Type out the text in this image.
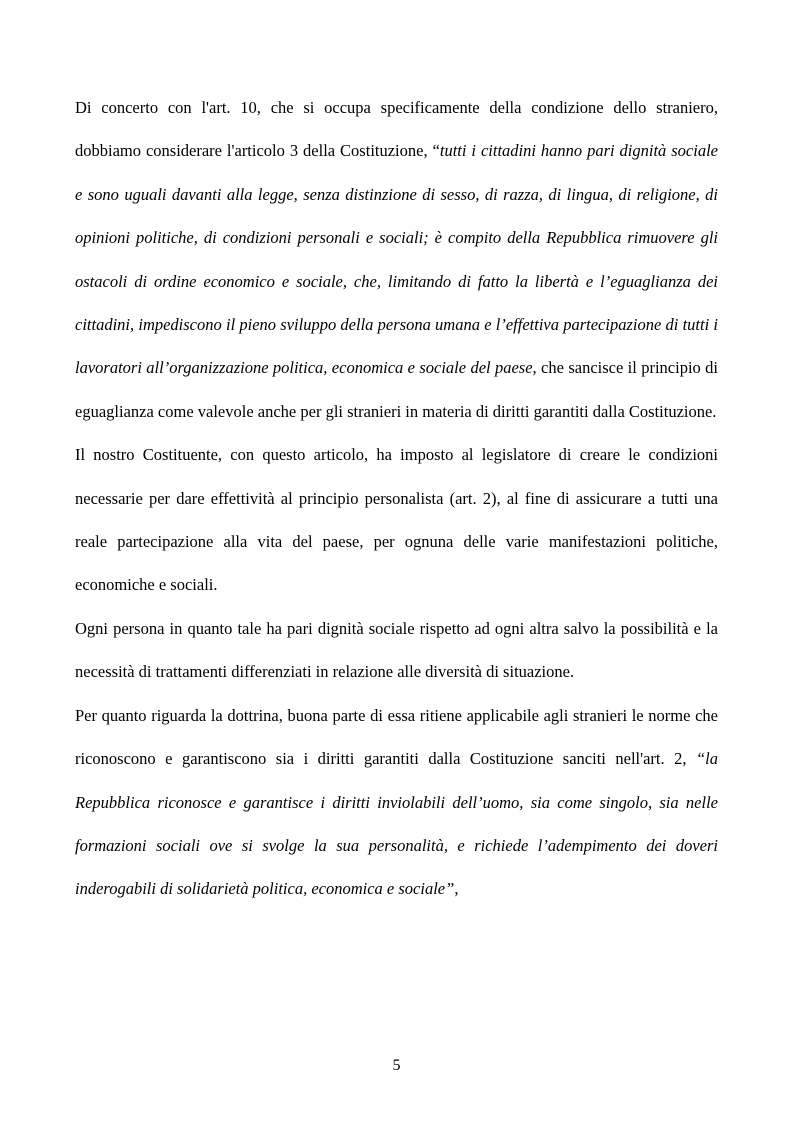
Di concerto con l'art. 10, che si occupa specificamente della condizione dello straniero, dobbiamo considerare l'articolo 3 della Costituzione, “tutti i cittadini hanno pari dignità sociale e sono uguali davanti alla legge, senza distinzione di sesso, di razza, di lingua, di religione, di opinioni politiche, di condizioni personali e sociali; è compito della Repubblica rimuovere gli ostacoli di ordine economico e sociale, che, limitando di fatto la libertà e l’eguaglianza dei cittadini, impediscono il pieno sviluppo della persona umana e l’effettiva partecipazione di tutti i lavoratori all’organizzazione politica, economica e sociale del paese, che sancisce il principio di eguaglianza come valevole anche per gli stranieri in materia di diritti garantiti dalla Costituzione.

Il nostro Costituente, con questo articolo, ha imposto al legislatore di creare le condizioni necessarie per dare effettività al principio personalista (art. 2), al fine di assicurare a tutti una reale partecipazione alla vita del paese, per ognuna delle varie manifestazioni politiche, economiche e sociali.

Ogni persona in quanto tale ha pari dignità sociale rispetto ad ogni altra salvo la possibilità e la necessità di trattamenti differenziati in relazione alle diversità di situazione.

Per quanto riguarda la dottrina, buona parte di essa ritiene applicabile agli stranieri le norme che riconoscono e garantiscono sia i diritti garantiti dalla Costituzione sanciti nell'art. 2, “la Repubblica riconosce e garantisce i diritti inviolabili dell’uomo, sia come singolo, sia nelle formazioni sociali ove si svolge la sua personalità, e richiede l’adempimento dei doveri inderogabili di solidarietà politica, economica e sociale”,

5
